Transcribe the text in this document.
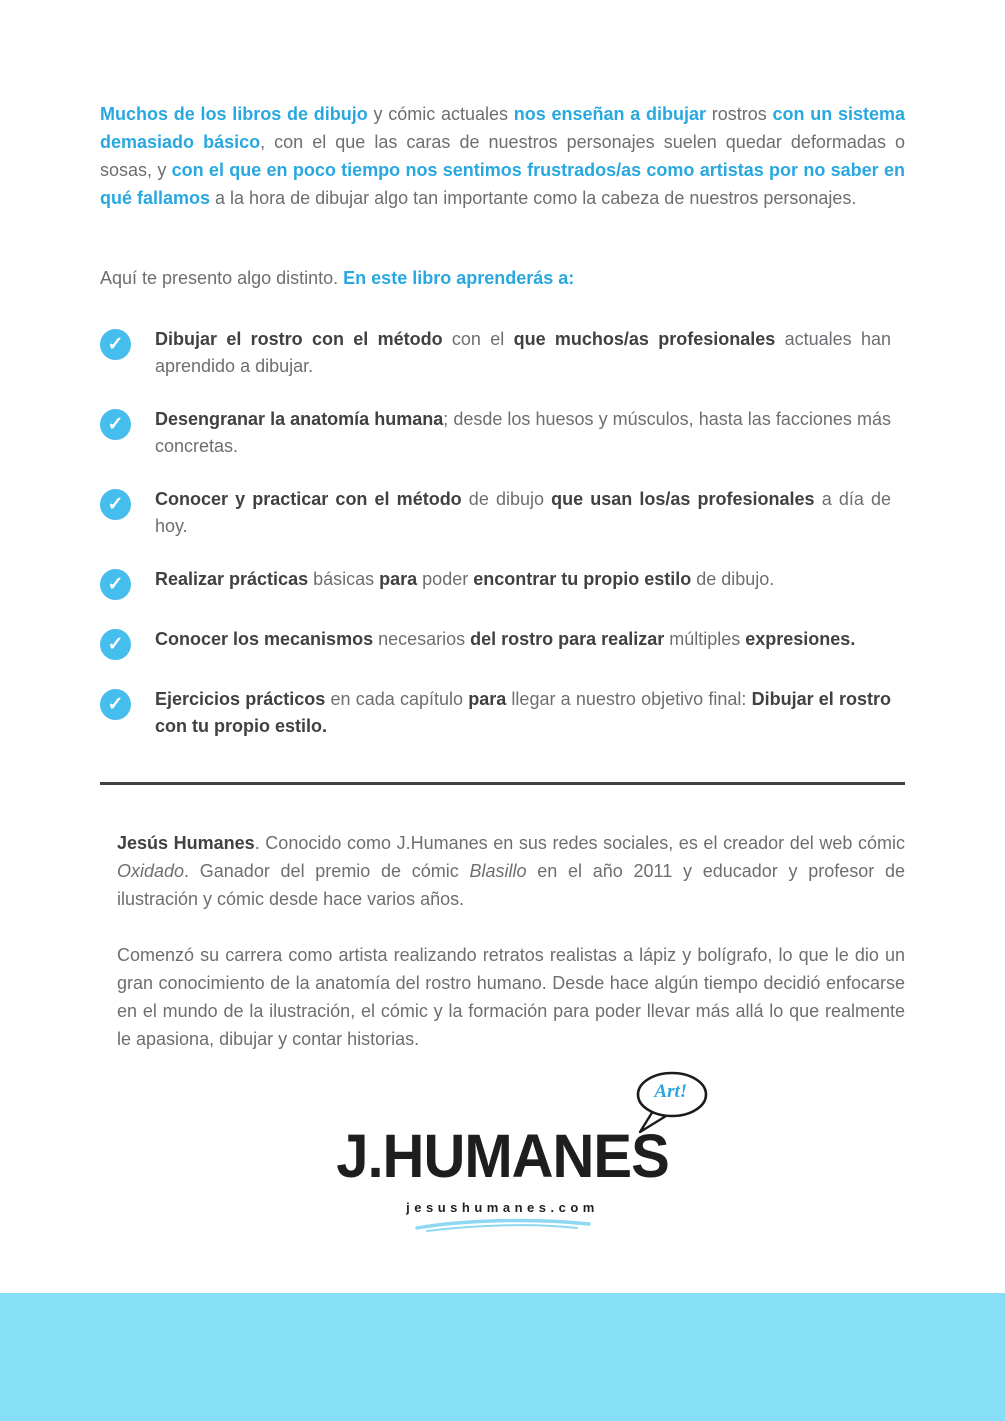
Muchos de los libros de dibujo y cómic actuales nos enseñan a dibujar rostros con un sistema demasiado básico, con el que las caras de nuestros personajes suelen quedar deformadas o sosas, y con el que en poco tiempo nos sentimos frustrados/as como artistas por no saber en qué fallamos a la hora de dibujar algo tan importante como la cabeza de nuestros personajes.

Aquí te presento algo distinto. En este libro aprenderás a:

✓	Dibujar el rostro con el método con el que muchos/as profesionales actuales han aprendido a dibujar.

✓	Desengranar la anatomía humana; desde los huesos y músculos, hasta las facciones más concretas.

✓	Conocer y practicar con el método de dibujo que usan los/as profesionales a día de hoy.

✓	Realizar prácticas básicas para poder encontrar tu propio estilo de dibujo.

✓	Conocer los mecanismos necesarios del rostro para realizar múltiples expresiones.

✓	Ejercicios prácticos en cada capítulo para llegar a nuestro objetivo final: Dibujar el rostro con tu propio estilo.

Jesús Humanes. Conocido como J.Humanes en sus redes sociales, es el creador del web cómic Oxidado. Ganador del premio de cómic Blasillo en el año 2011 y educador y profesor de ilustración y cómic desde hace varios años.

Comenzó su carrera como artista realizando retratos realistas a lápiz y bolígrafo, lo que le dio un gran conocimiento de la anatomía del rostro humano. Desde hace algún tiempo decidió enfocarse en el mundo de la ilustración, el cómic y la formación para poder llevar más allá lo que realmente le apasiona, dibujar y contar historias.

J.HUMANES
Art!
jesushumanes.com
